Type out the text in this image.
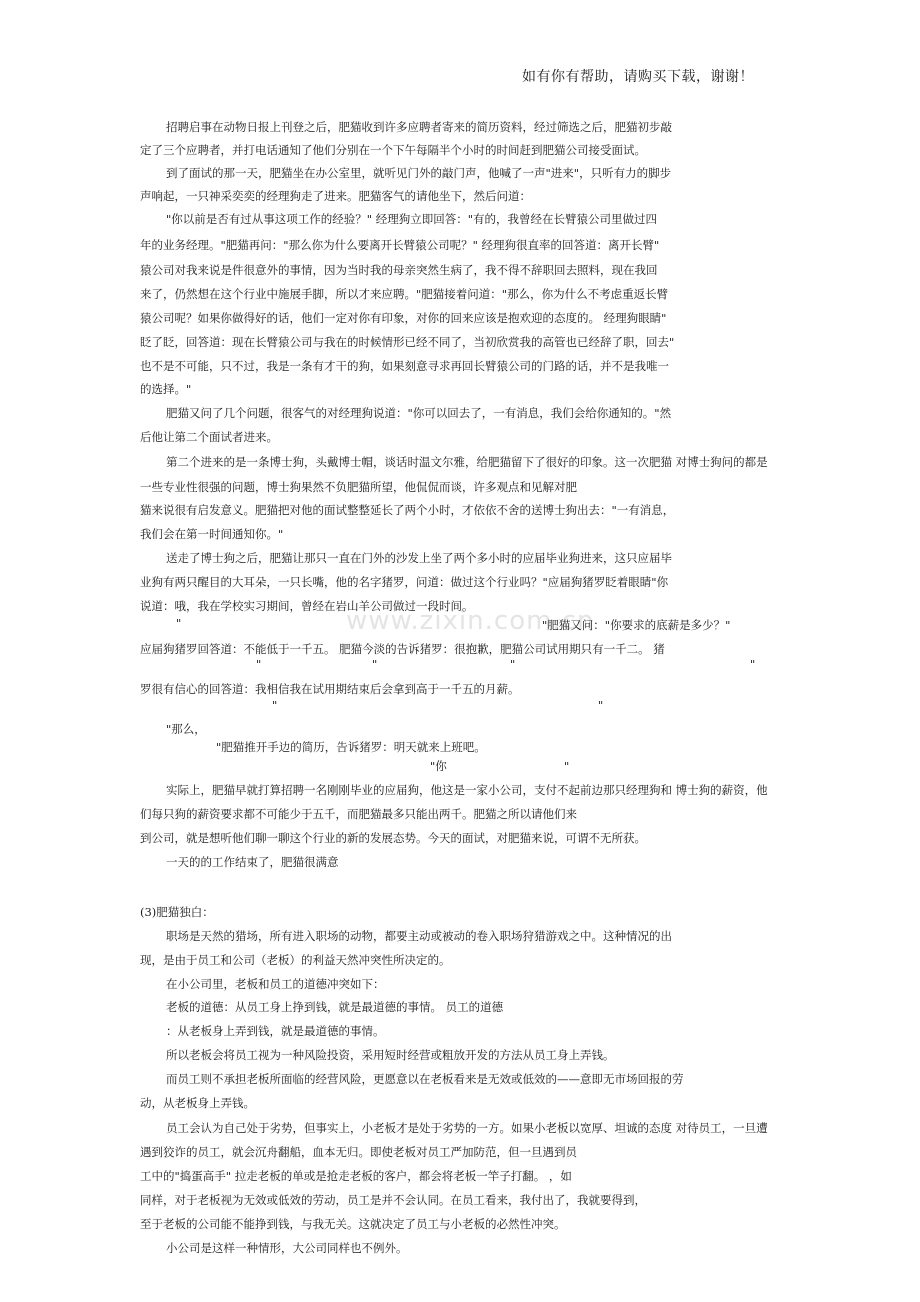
如有你有帮助，请购买下载，谢谢！
www.zixin.com.cn
招聘启事在动物日报上刊登之后，肥猫收到许多应聘者寄来的简历资料，经过筛选之后，肥猫初步敲
定了三个应聘者，并打电话通知了他们分别在一个下午每隔半个小时的时间赶到肥猫公司接受面试。
到了面试的那一天，肥猫坐在办公室里，就听见门外的敲门声，他喊了一声"进来"，只听有力的脚步
声响起，一只神采奕奕的经理狗走了进来。肥猫客气的请他坐下，然后问道：
"你以前是否有过从事这项工作的经验？" 经理狗立即回答："有的，我曾经在长臂猿公司里做过四
年的业务经理。"肥猫再问："那么你为什么要离开长臂猿公司呢？" 经理狗很直率的回答道：离开长臂"
猿公司对我来说是件很意外的事情，因为当时我的母亲突然生病了，我不得不辞职回去照料，现在我回
来了，仍然想在这个行业中施展手脚，所以才来应聘。"肥猫接着问道："那么，你为什么不考虑重返长臂
猿公司呢？如果你做得好的话，他们一定对你有印象，对你的回来应该是抱欢迎的态度的。 经理狗眼睛"
眨了眨，回答道：现在长臂猿公司与我在的时候情形已经不同了，当初欣赏我的高管也已经辞了职，回去"
也不是不可能，只不过，我是一条有才干的狗，如果刻意寻求再回长臂猿公司的门路的话，并不是我唯一
的选择。"
肥猫又问了几个问题，很客气的对经理狗说道："你可以回去了，一有消息，我们会给你通知的。"然
后他让第二个面试者进来。
第二个进来的是一条博士狗，头戴博士帽，谈话时温文尔雅，给肥猫留下了很好的印象。这一次肥猫 对博士狗问的都是
一些专业性很强的问题，博士狗果然不负肥猫所望，他侃侃而谈，许多观点和见解对肥
猫来说很有启发意义。肥猫把对他的面试整整延长了两个小时，才依依不舍的送博士狗出去："一有消息，
我们会在第一时间通知你。"
送走了博士狗之后，肥猫让那只一直在门外的沙发上坐了两个多小时的应届毕业狗进来，这只应届毕
业狗有两只醒目的大耳朵，一只长嘴，他的名字猪罗，问道：做过这个行业吗？"应届狗猪罗眨着眼睛"你
说道：哦，我在学校实习期间，曾经在岩山羊公司做过一段时间。
"	"肥猫又问："你要求的底薪是多少？"
应届狗猪罗回答道：不能低于一千五。 肥猫今淡的告诉猪罗：很抱歉，肥猫公司试用期只有一千二。 猪
"	"	"	"
罗很有信心的回答道：我相信我在试用期结束后会拿到高于一千五的月薪。
"	"
"那么，
"肥猫推开手边的简历，告诉猪罗：明天就来上班吧。
"你	"
实际上，肥猫早就打算招聘一名刚刚毕业的应届狗，他这是一家小公司，支付不起前边那只经理狗和 博士狗的薪资，他
们每只狗的薪资要求都不可能少于五千，而肥猫最多只能出两千。肥猫之所以请他们来
到公司，就是想听他们聊一聊这个行业的新的发展态势。今天的面试，对肥猫来说，可谓不无所获。
一天的的工作结束了，肥猫很满意
(3)肥猫独白：
职场是天然的猎场，所有进入职场的动物，都要主动或被动的卷入职场狩猎游戏之中。这种情况的出
现，是由于员工和公司（老板）的利益天然冲突性所决定的。
在小公司里，老板和员工的道德冲突如下：
老板的道德：从员工身上挣到钱，就是最道德的事情。 员工的道德
：从老板身上弄到钱，就是最道德的事情。
所以老板会将员工视为一种风险投资，采用短时经营或粗放开发的方法从员工身上弄钱。
而员工则不承担老板所面临的经营风险，更愿意以在老板看来是无效或低效的——意即无市场回报的劳
动，从老板身上弄钱。
员工会认为自己处于劣势，但事实上，小老板才是处于劣势的一方。如果小老板以宽厚、坦诚的态度 对待员工，一旦遭
遇到狡诈的员工，就会沉舟翻船，血本无归。即使老板对员工严加防范，但一旦遇到员
工中的"捣蛋高手" 拉走老板的单或是抢走老板的客户，都会将老板一竿子打翻。 ，如
同样，对于老板视为无效或低效的劳动，员工是并不会认同。在员工看来，我付出了，我就要得到，
至于老板的公司能不能挣到钱，与我无关。这就决定了员工与小老板的必然性冲突。
小公司是这样一种情形，大公司同样也不例外。
